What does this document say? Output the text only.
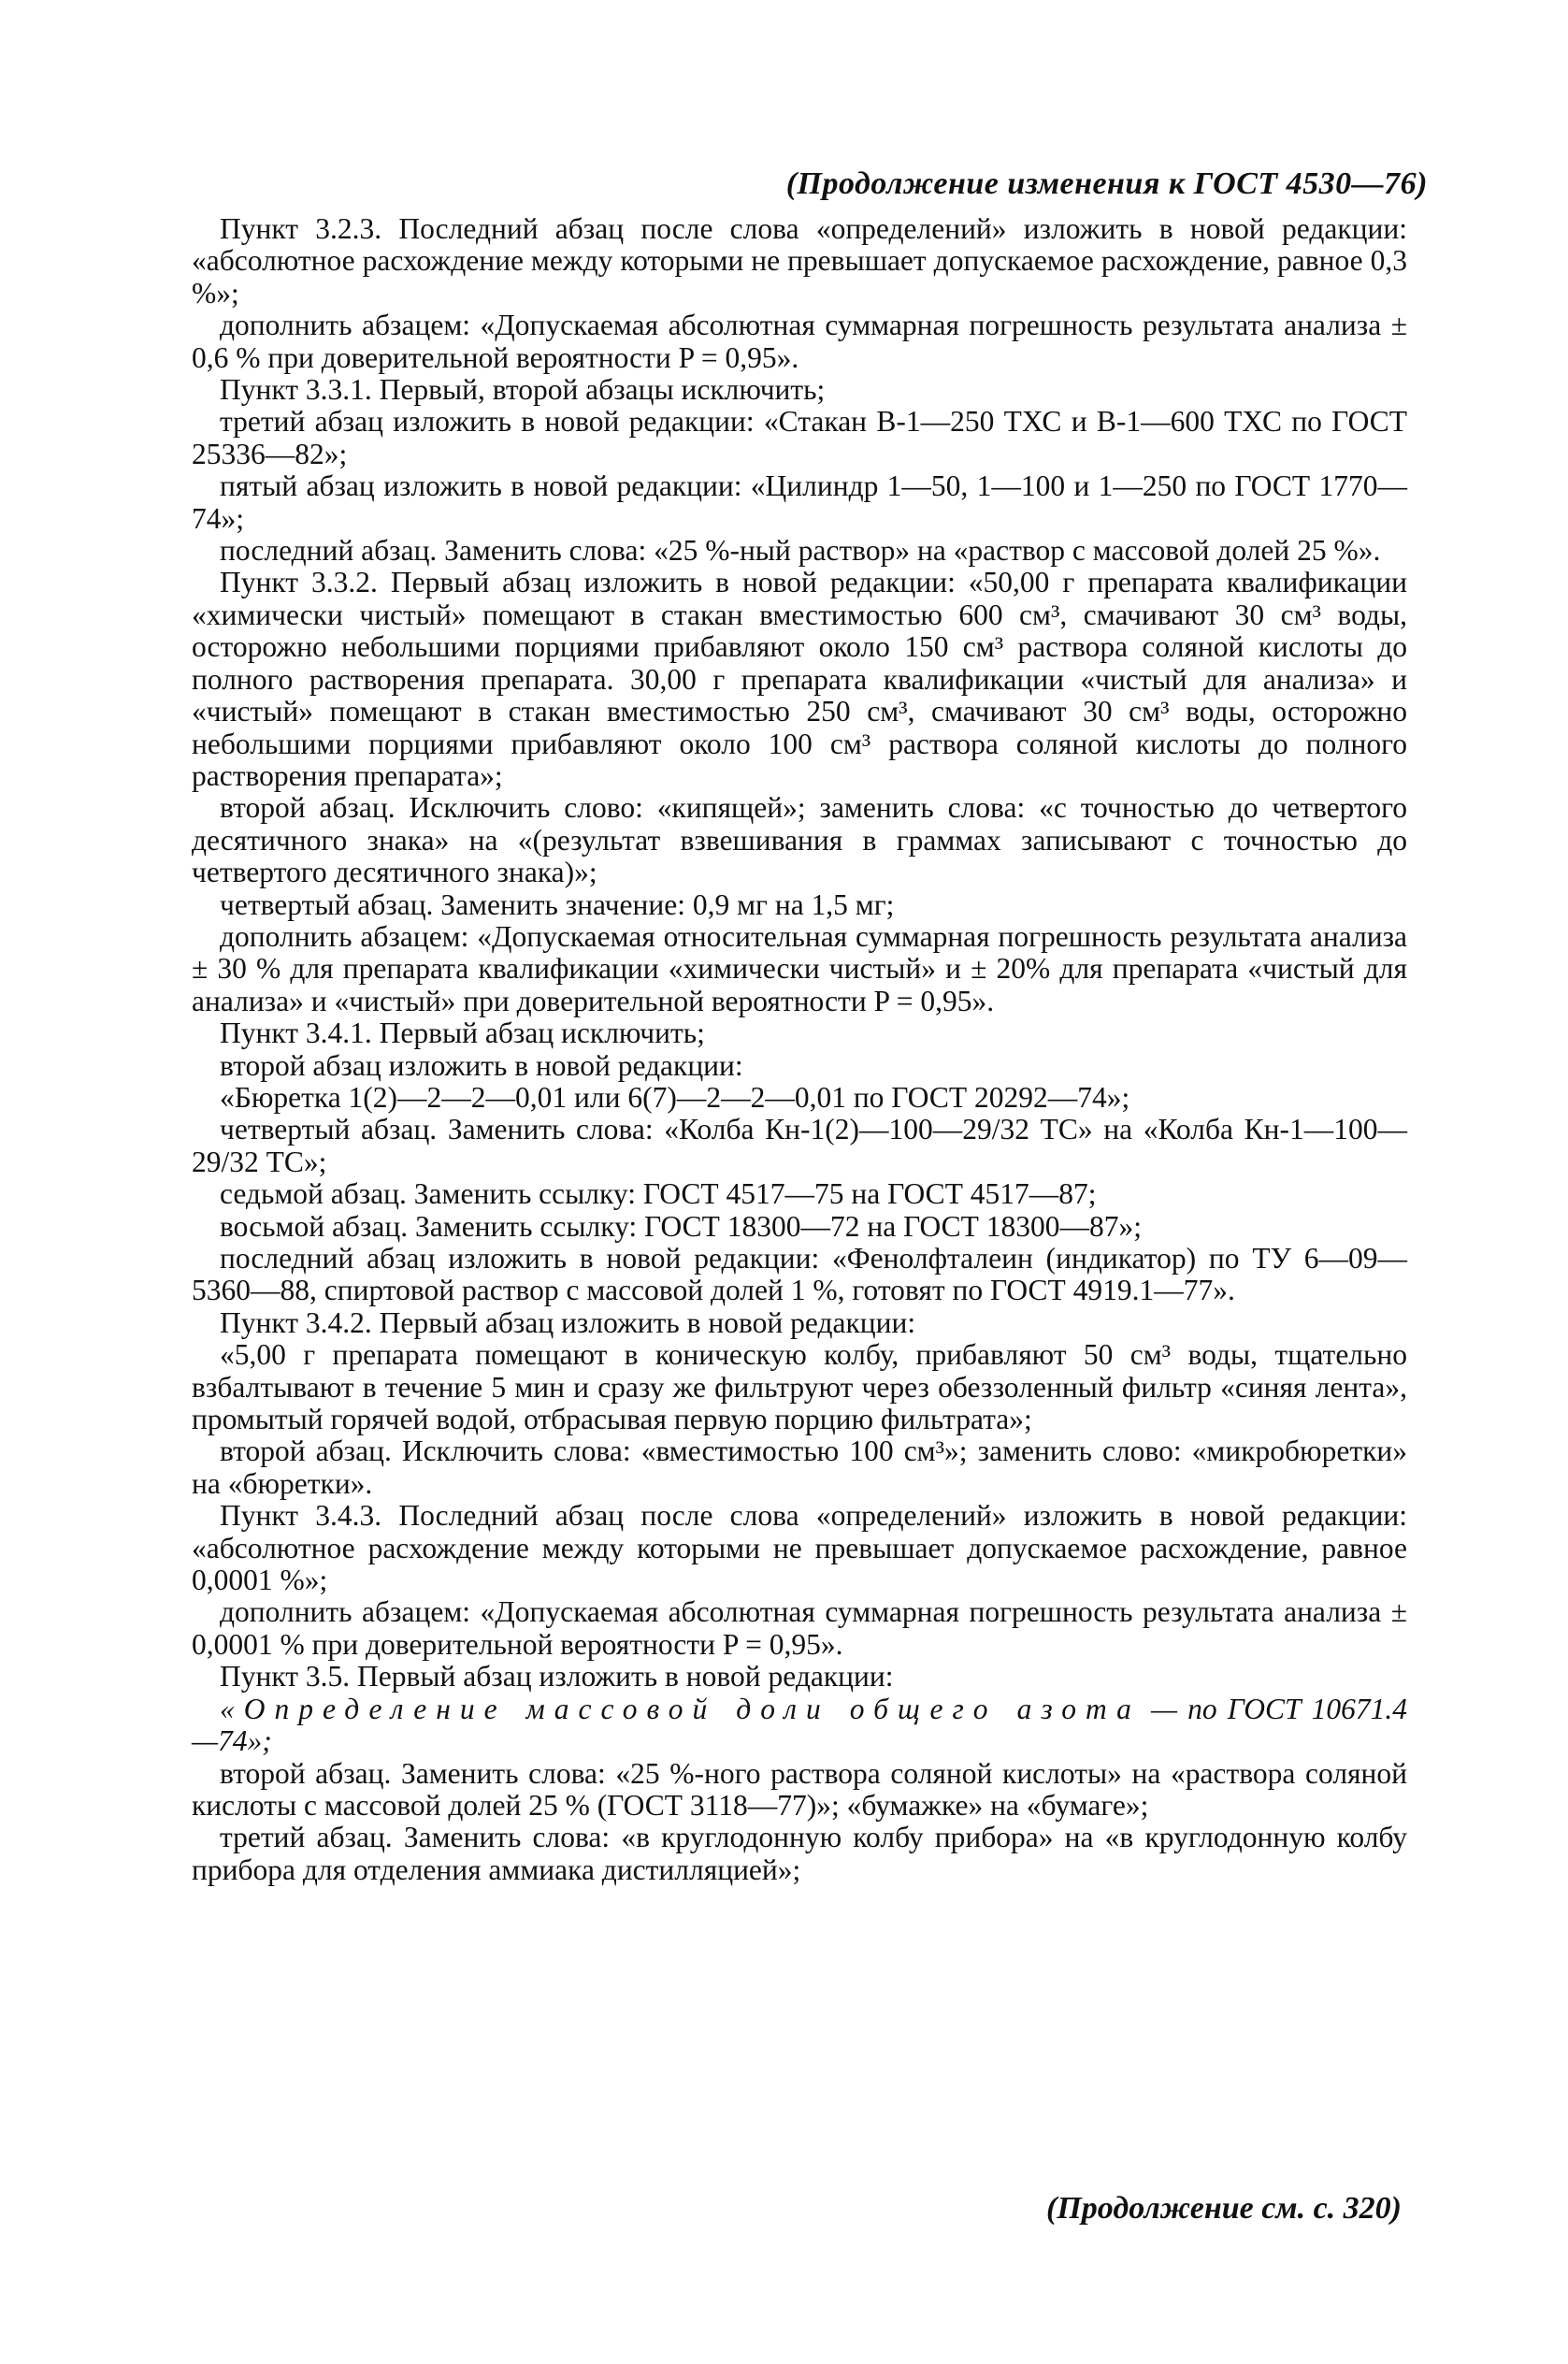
(Продолжение изменения к ГОСТ 4530—76)

Пункт 3.2.3. Последний абзац после слова «определений» изложить в новой редакции: «абсолютное расхождение между которыми не превышает допускаемое расхождение, равное 0,3 %»;

дополнить абзацем: «Допускаемая абсолютная суммарная погрешность результата анализа ± 0,6 % при доверительной вероятности P = 0,95».

Пункт 3.3.1. Первый, второй абзацы исключить;

третий абзац изложить в новой редакции: «Стакан В-1—250 ТХС и В-1—600 ТХС по ГОСТ 25336—82»;

пятый абзац изложить в новой редакции: «Цилиндр 1—50, 1—100 и 1—250 по ГОСТ 1770—74»;

последний абзац. Заменить слова: «25 %-ный раствор» на «раствор с массовой долей 25 %».

Пункт 3.3.2. Первый абзац изложить в новой редакции: «50,00 г препарата квалификации «химически чистый» помещают в стакан вместимостью 600 см³, смачивают 30 см³ воды, осторожно небольшими порциями прибавляют около 150 см³ раствора соляной кислоты до полного растворения препарата. 30,00 г препарата квалификации «чистый для анализа» и «чистый» помещают в стакан вместимостью 250 см³, смачивают 30 см³ воды, осторожно небольшими порциями прибавляют около 100 см³ раствора соляной кислоты до полного растворения препарата»;

второй абзац. Исключить слово: «кипящей»; заменить слова: «с точностью до четвертого десятичного знака» на «(результат взвешивания в граммах записывают с точностью до четвертого десятичного знака)»;

четвертый абзац. Заменить значение: 0,9 мг на 1,5 мг;

дополнить абзацем: «Допускаемая относительная суммарная погрешность результата анализа ± 30 % для препарата квалификации «химически чистый» и ± 20% для препарата «чистый для анализа» и «чистый» при доверительной вероятности P = 0,95».

Пункт 3.4.1. Первый абзац исключить;

второй абзац изложить в новой редакции:

«Бюретка 1(2)—2—2—0,01 или 6(7)—2—2—0,01 по ГОСТ 20292—74»;

четвертый абзац. Заменить слова: «Колба Кн-1(2)—100—29/32 ТС» на «Колба Кн-1—100—29/32 ТС»;

седьмой абзац. Заменить ссылку: ГОСТ 4517—75 на ГОСТ 4517—87;

восьмой абзац. Заменить ссылку: ГОСТ 18300—72 на ГОСТ 18300—87»;

последний абзац изложить в новой редакции: «Фенолфталеин (индикатор) по ТУ 6—09—5360—88, спиртовой раствор с массовой долей 1 %, готовят по ГОСТ 4919.1—77».

Пункт 3.4.2. Первый абзац изложить в новой редакции:

«5,00 г препарата помещают в коническую колбу, прибавляют 50 см³ воды, тщательно взбалтывают в течение 5 мин и сразу же фильтруют через обеззоленный фильтр «синяя лента», промытый горячей водой, отбрасывая первую порцию фильтрата»;

второй абзац. Исключить слова: «вместимостью 100 см³»; заменить слово: «микробюретки» на «бюретки».

Пункт 3.4.3. Последний абзац после слова «определений» изложить в новой редакции: «абсолютное расхождение между которыми не превышает допускаемое расхождение, равное 0,0001 %»;

дополнить абзацем: «Допускаемая абсолютная суммарная погрешность результата анализа ± 0,0001 % при доверительной вероятности P = 0,95».

Пункт 3.5. Первый абзац изложить в новой редакции:

«Определение массовой доли общего азота — по ГОСТ 10671.4—74»;

второй абзац. Заменить слова: «25 %-ного раствора соляной кислоты» на «раствора соляной кислоты с массовой долей 25 % (ГОСТ 3118—77)»; «бумажке» на «бумаге»;

третий абзац. Заменить слова: «в круглодонную колбу прибора» на «в круглодонную колбу прибора для отделения аммиака дистилляцией»;

(Продолжение см. с. 320)
